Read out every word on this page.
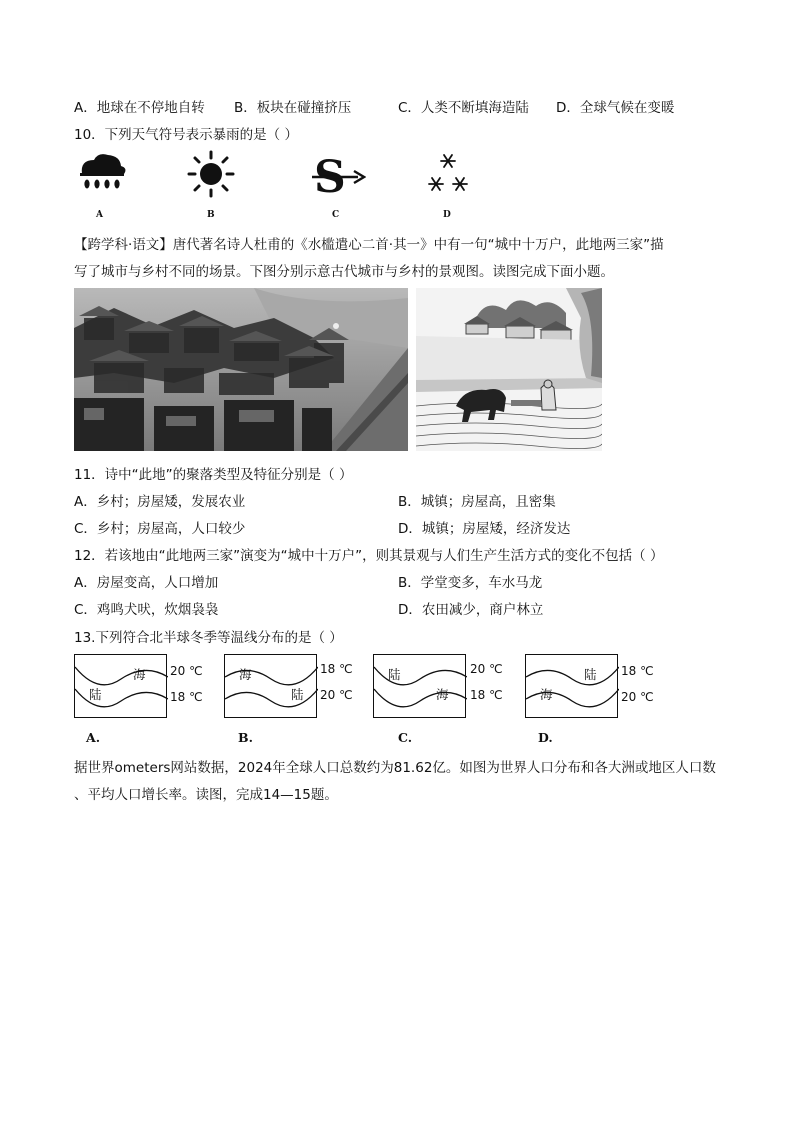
A．地球在不停地自转 B．板块在碰撞挤压	C．人类不断填海造陆 D．全球气候在变暖
10．下列天气符号表示暴雨的是（ ）
A	B
S
C	D
【跨学科·语文】唐代著名诗人杜甫的《水槛遣心二首·其一》中有一句“城中十万户，此地两三家”描
写了城市与乡村不同的场景。下图分别示意古代城市与乡村的景观图。读图完成下面小题。
11．诗中“此地”的聚落类型及特征分别是（ ）
A．乡村；房屋矮，发展农业	B．城镇；房屋高，且密集
C．乡村；房屋高，人口较少	D．城镇；房屋矮，经济发达
12．若该地由“此地两三家”演变为“城中十万户”，则其景观与人们生产生活方式的变化不包括（ ）
A．房屋变高，人口增加	B．学堂变多，车水马龙
C．鸡鸣犬吠，炊烟袅袅	D．农田减少，商户林立
13.下列符合北半球冬季等温线分布的是（ ）
海
陆
20 ℃
18 ℃
A.
海
陆
18 ℃
20 ℃
B.
陆
海
20 ℃
18 ℃
C.
陆
海
18 ℃
20 ℃
D.
据世界ometers网站数据，2024年全球人口总数约为81.62亿。如图为世界人口分布和各大洲或地区人口数
、平均人口增长率。读图，完成14—15题。
